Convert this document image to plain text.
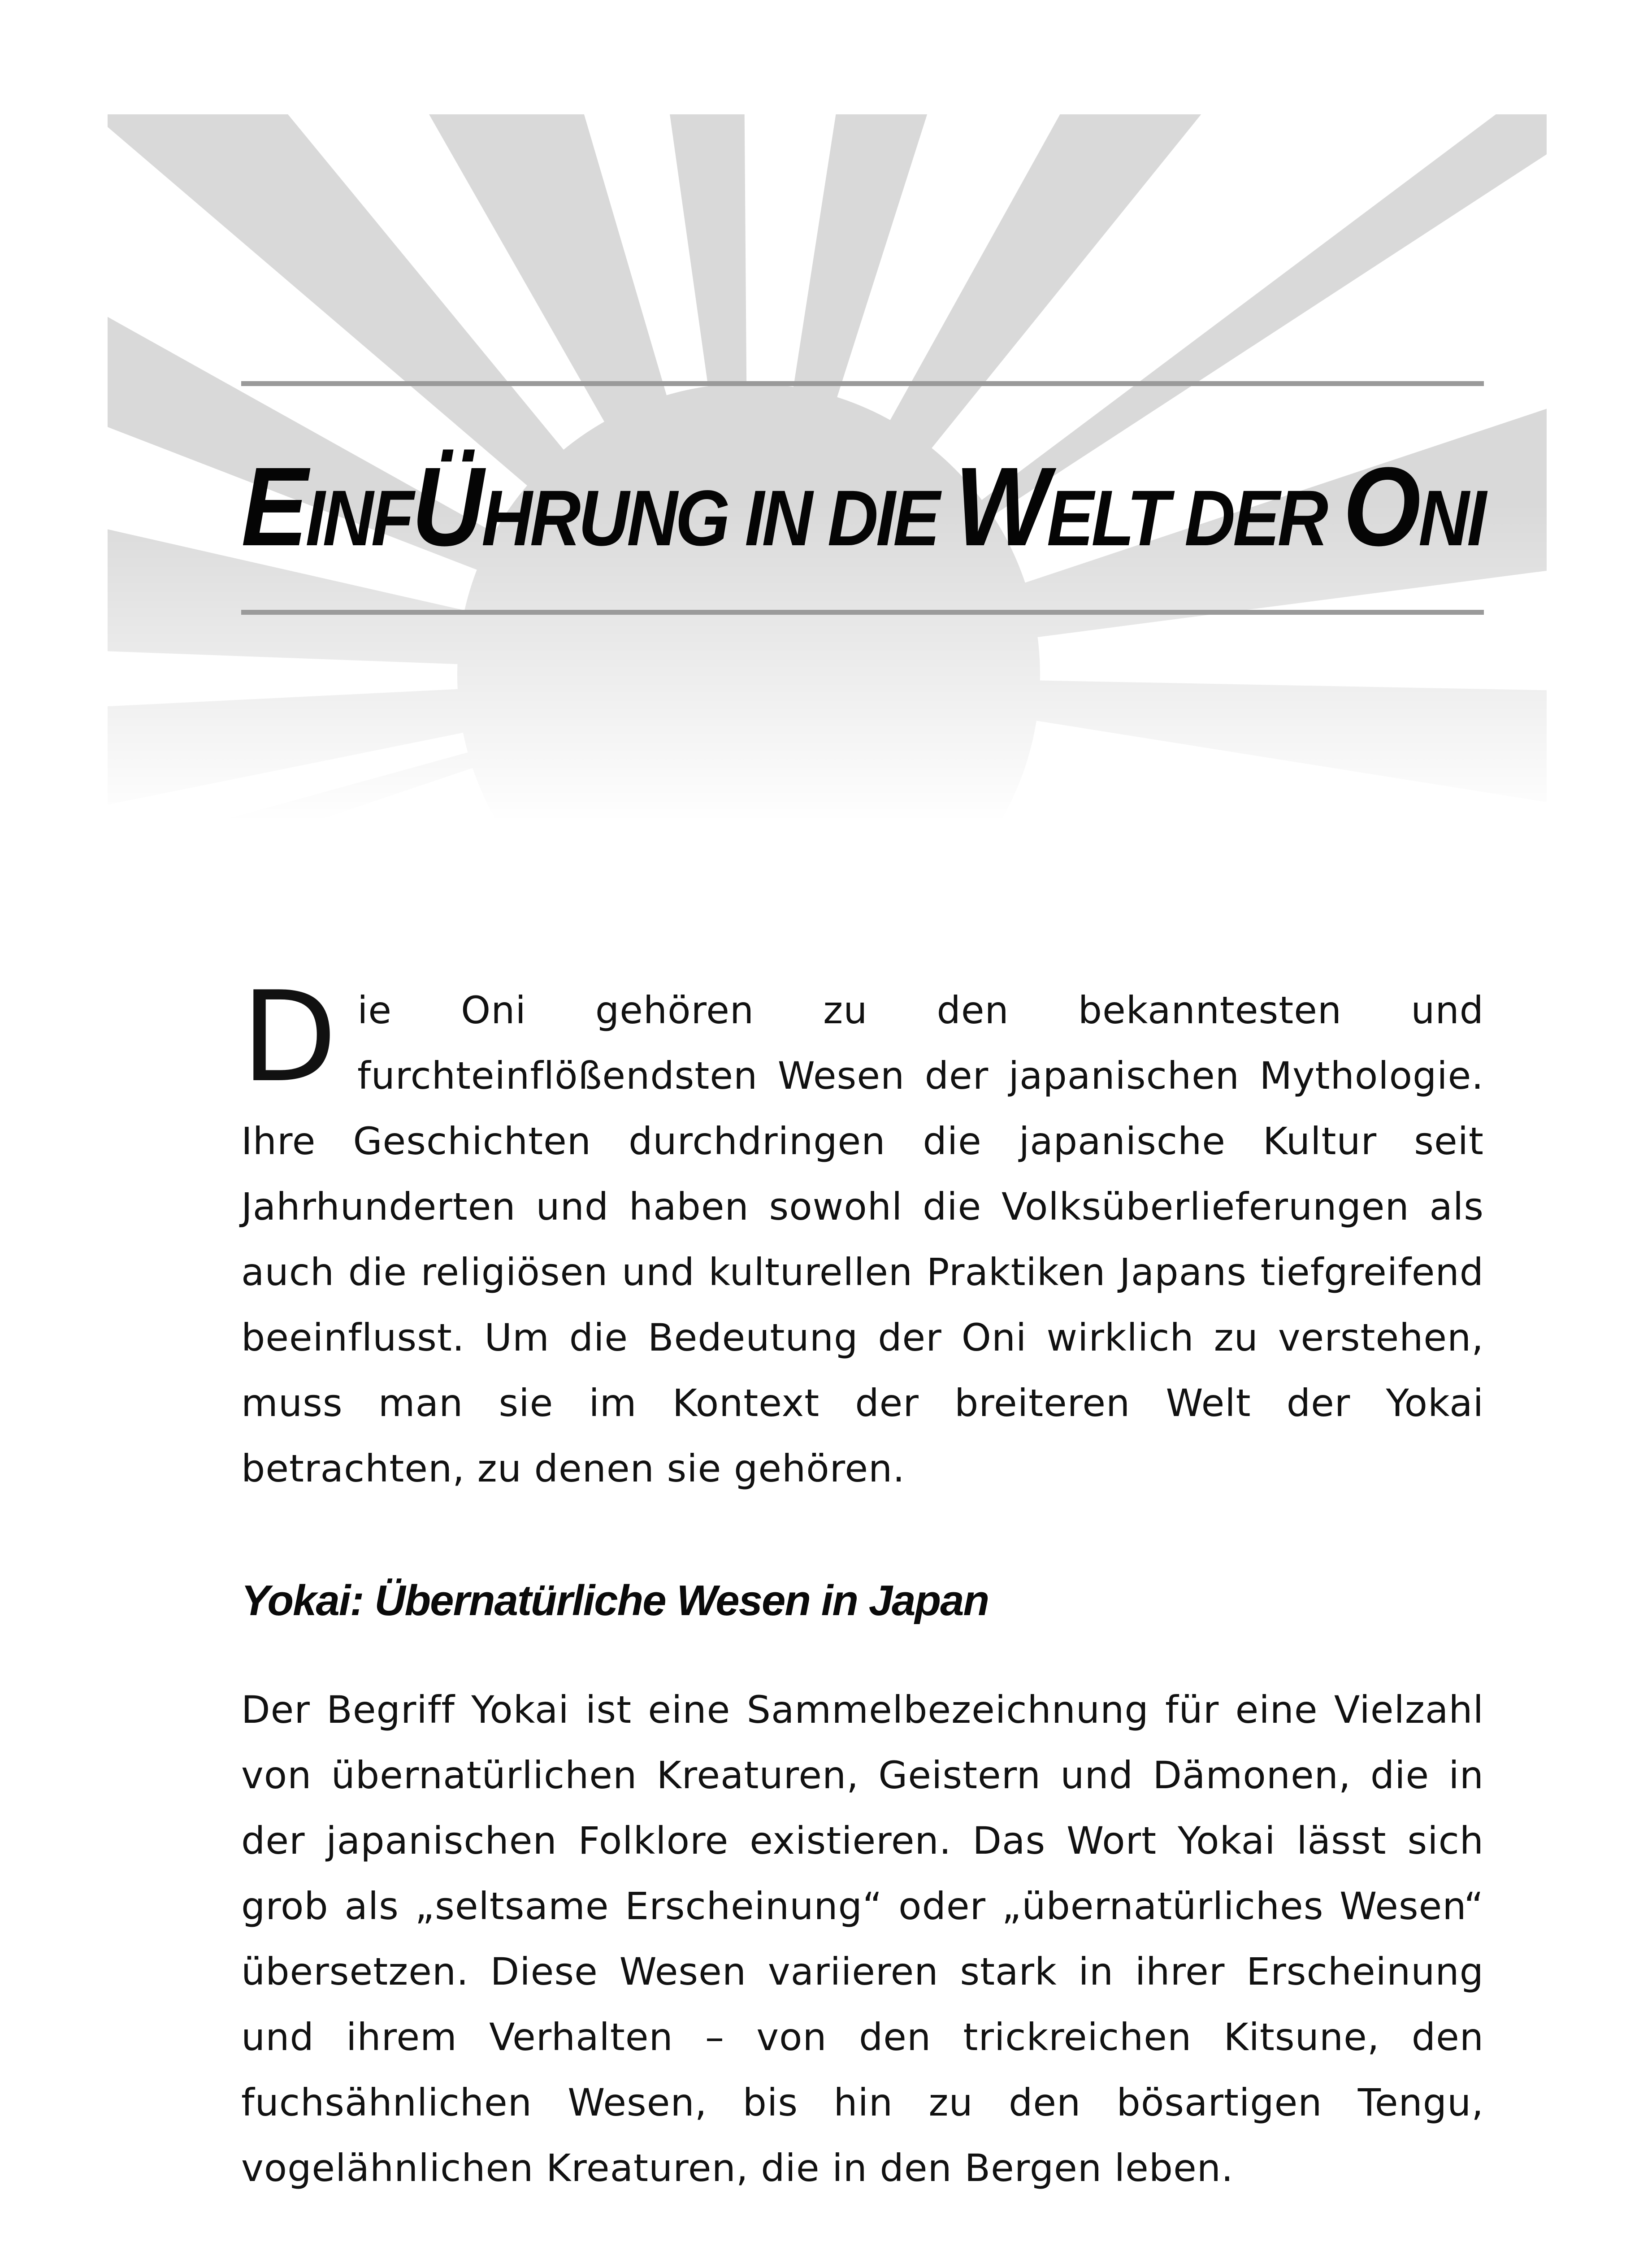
EINFÜHRUNG IN DIE WELT DER ONI

Die Oni gehören zu den bekanntesten und furchteinflößendsten Wesen der japanischen Mythologie. Ihre Geschichten durchdringen die japanische Kultur seit Jahrhunderten und haben sowohl die Volksüberlieferungen als auch die religiösen und kulturellen Praktiken Japans tiefgreifend beeinflusst. Um die Bedeutung der Oni wirklich zu verstehen, muss man sie im Kontext der breiteren Welt der Yokai betrachten, zu denen sie gehören.

Yokai: Übernatürliche Wesen in Japan

Der Begriff Yokai ist eine Sammelbezeichnung für eine Vielzahl von übernatürlichen Kreaturen, Geistern und Dämonen, die in der japanischen Folklore existieren. Das Wort Yokai lässt sich grob als „seltsame Erscheinung“ oder „übernatürliches Wesen“ übersetzen. Diese Wesen variieren stark in ihrer Erscheinung und ihrem Verhalten – von den trickreichen Kitsune, den fuchsähnlichen Wesen, bis hin zu den bösartigen Tengu, vogelähnlichen Kreaturen, die in den Bergen leben.
